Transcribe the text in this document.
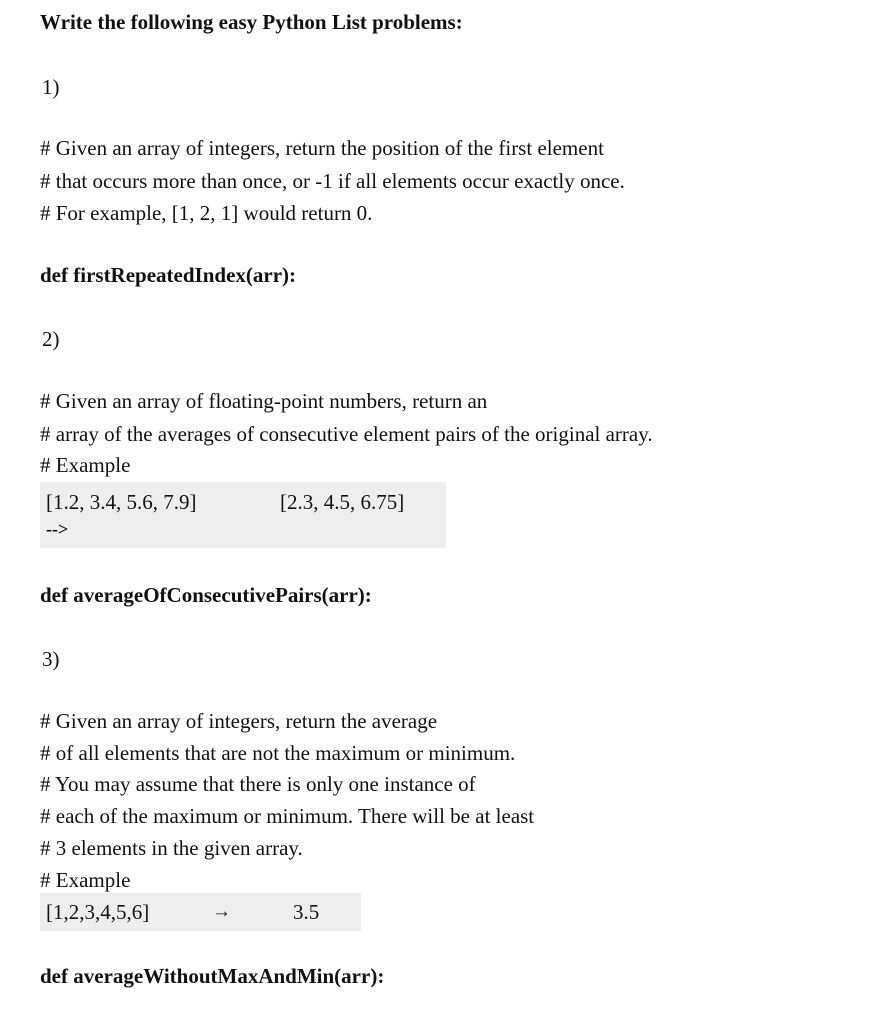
Write the following easy Python List problems:
1)
# Given an array of integers, return the position of the first element
# that occurs more than once, or -1 if all elements occur exactly once.
# For example, [1, 2, 1] would return 0.
def firstRepeatedIndex(arr):
2)
# Given an array of floating-point numbers, return an
# array of the averages of consecutive element pairs of the original array.
# Example
[1.2, 3.4, 5.6, 7.9]	[2.3, 4.5, 6.75]
-->
def averageOfConsecutivePairs(arr):
3)
# Given an array of integers, return the average
# of all elements that are not the maximum or minimum.
# You may assume that there is only one instance of
# each of the maximum or minimum. There will be at least
# 3 elements in the given array.
# Example
[1,2,3,4,5,6]	→	3.5
def averageWithoutMaxAndMin(arr):
